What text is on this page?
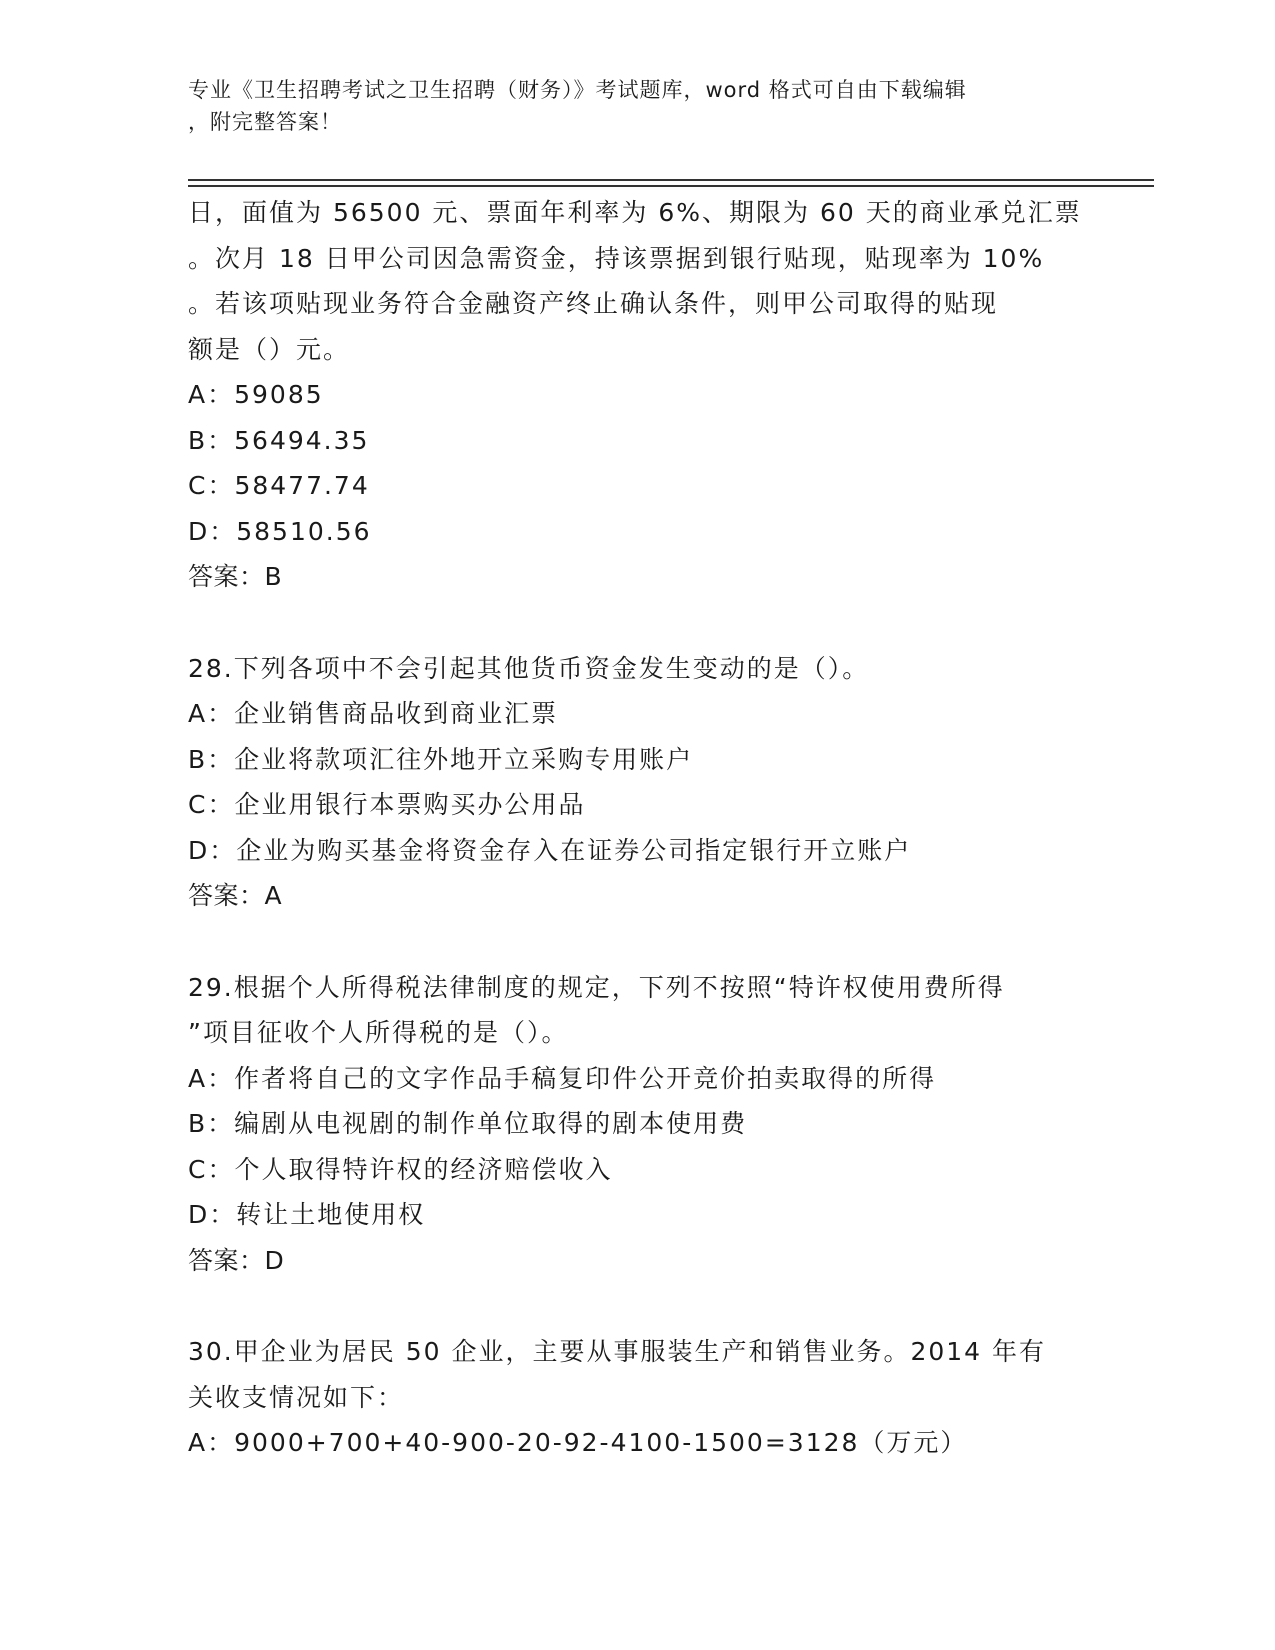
专业《卫生招聘考试之卫生招聘（财务）》考试题库，word 格式可自由下载编辑
，附完整答案！
日，面值为 56500 元、票面年利率为 6%、期限为 60 天的商业承兑汇票
。次月 18 日甲公司因急需资金，持该票据到银行贴现，贴现率为 10%
。若该项贴现业务符合金融资产终止确认条件，则甲公司取得的贴现
额是（）元。
A：59085
B：56494.35
C：58477.74
D：58510.56
答案：B
28.下列各项中不会引起其他货币资金发生变动的是（）。
A：企业销售商品收到商业汇票
B：企业将款项汇往外地开立采购专用账户
C：企业用银行本票购买办公用品
D：企业为购买基金将资金存入在证券公司指定银行开立账户
答案：A
29.根据个人所得税法律制度的规定，下列不按照“特许权使用费所得
”项目征收个人所得税的是（）。
A：作者将自己的文字作品手稿复印件公开竞价拍卖取得的所得
B：编剧从电视剧的制作单位取得的剧本使用费
C：个人取得特许权的经济赔偿收入
D：转让土地使用权
答案：D
30.甲企业为居民 50 企业，主要从事服装生产和销售业务。2014 年有
关收支情况如下：
A：9000+700+40-900-20-92-4100-1500=3128（万元）
